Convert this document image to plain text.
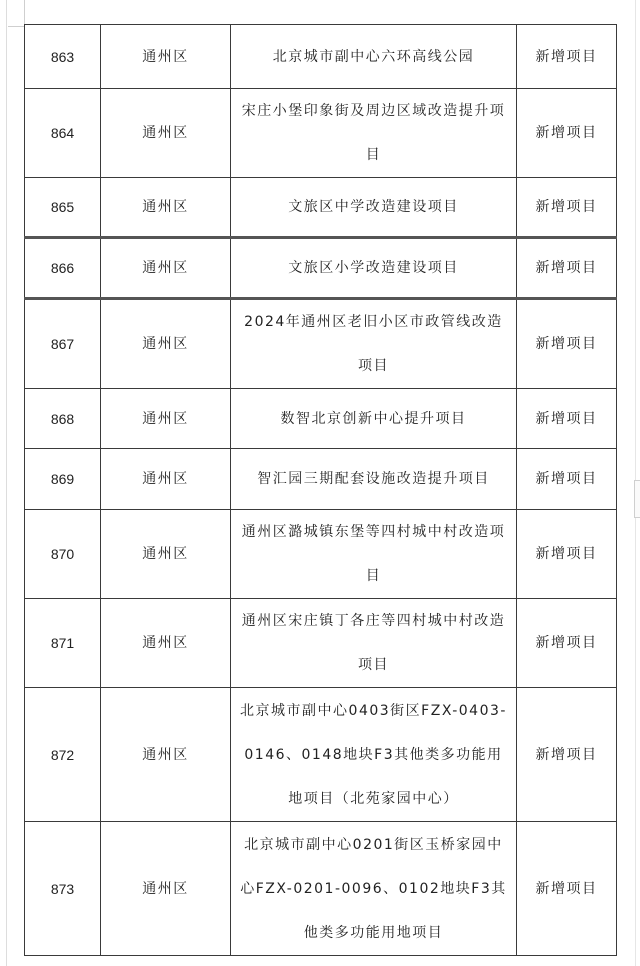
863	通州区	北京城市副中心六环高线公园	新增项目
864	通州区	宋庄小堡印象街及周边区域改造提升项目	新增项目
865	通州区	文旅区中学改造建设项目	新增项目
866	通州区	文旅区小学改造建设项目	新增项目
867	通州区	2024年通州区老旧小区市政管线改造项目	新增项目
868	通州区	数智北京创新中心提升项目	新增项目
869	通州区	智汇园三期配套设施改造提升项目	新增项目
870	通州区	通州区潞城镇东堡等四村城中村改造项目	新增项目
871	通州区	通州区宋庄镇丁各庄等四村城中村改造项目	新增项目
872	通州区	北京城市副中心0403街区FZX-0403-0146、0148地块F3其他类多功能用地项目（北苑家园中心）	新增项目
873	通州区	北京城市副中心0201街区玉桥家园中心FZX-0201-0096、0102地块F3其他类多功能用地项目	新增项目
